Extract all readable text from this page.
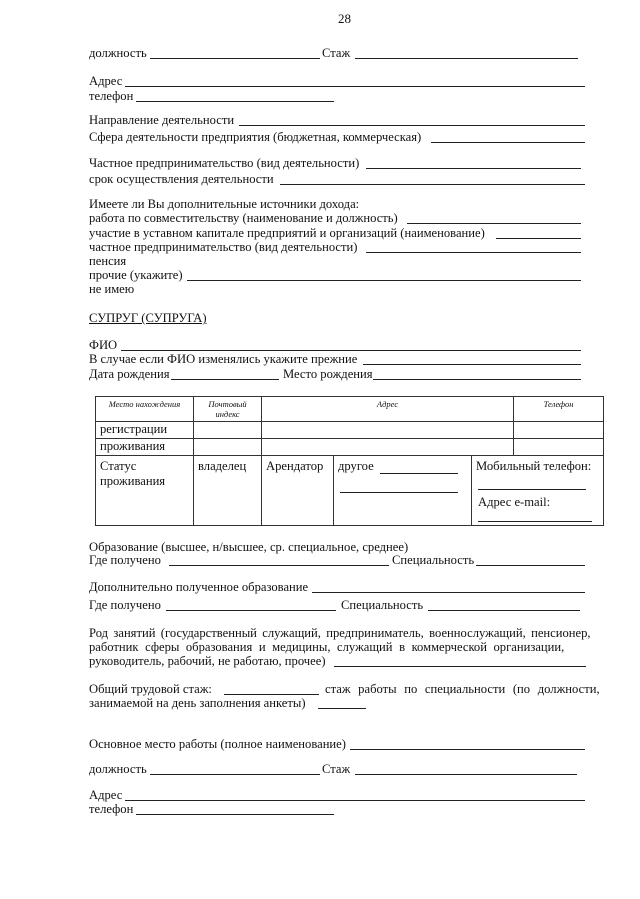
28
должность	Стаж
Адрес
телефон
Направление деятельности
Сфера деятельности предприятия (бюджетная, коммерческая)
Частное предпринимательство (вид деятельности)
срок осуществления деятельности
Имеете ли Вы дополнительные источники дохода:
работа по совместительству (наименование и должность)
участие в уставном капитале предприятий и организаций (наименование)
частное предпринимательство (вид деятельности)
пенсия
прочие (укажите)
не имею
СУПРУГ (СУПРУГА)
ФИО
В случае если ФИО изменялись укажите прежние
Дата рождения	Место рождения
Место нахождения	Почтовый индекс	Адрес			Телефон
регистрации					
проживания					
Статус проживания	владелец	Арендатор	другое	Мобильный телефон:
Адрес e-mail:	
Образование (высшее, н/высшее, ср. специальное, среднее)
Где получено	Специальность
Дополнительно полученное образование
Где получено	Специальность
Род занятий (государственный служащий, предприниматель, военнослужащий, пенсионер,
работник сферы образования и медицины, служащий в коммерческой организации,
руководитель, рабочий, не работаю, прочее)
Общий трудовой стаж:	стаж работы по специальности (по должности,
занимаемой на день заполнения анкеты)
Основное место работы (полное наименование)
должность	Стаж
Адрес
телефон
